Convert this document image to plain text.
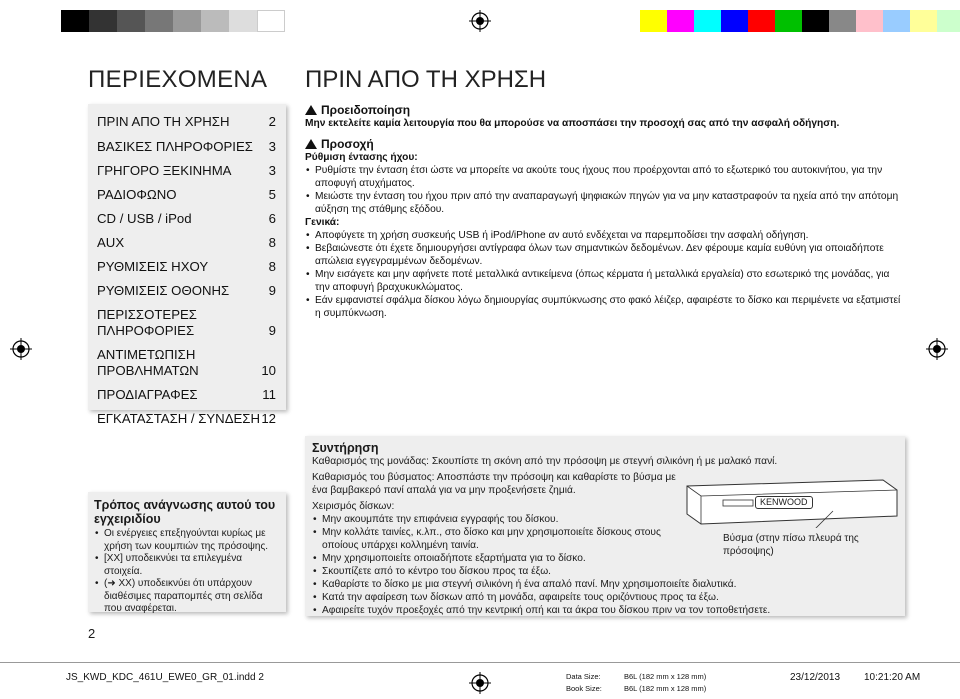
ΠΕΡΙΕΧΟΜΕΝΑ
ΠΡΙΝ ΑΠΟ ΤΗ ΧΡΗΣΗ	2
ΒΑΣΙΚΕΣ ΠΛΗΡΟΦΟΡΙΕΣ 3
ΓΡΗΓΟΡΟ ΞΕΚΙΝΗΜΑ	3
ΡΑΔΙΟΦΩΝΟ	5
CD / USB / iPod	6
AUX	8
ΡΥΘΜΙΣΕΙΣ ΗΧΟΥ	8
ΡΥΘΜΙΣΕΙΣ ΟΘΟΝΗΣ	9
ΠΕΡΙΣΣΟΤΕΡΕΣ ΠΛΗΡΟΦΟΡΙΕΣ	9
ΑΝΤΙΜΕΤΩΠΙΣΗ ΠΡΟΒΛΗΜΑΤΩΝ	10
ΠΡΟΔΙΑΓΡΑΦΕΣ	11
ΕΓΚΑΤΑΣΤΑΣΗ / ΣΥΝΔΕΣΗ 12
ΠΡΙΝ ΑΠΟ ΤΗ ΧΡΗΣΗ
Προειδοποίηση
Μην εκτελείτε καμία λειτουργία που θα μπορούσε να αποσπάσει την προσοχή σας από την ασφαλή οδήγηση.
Προσοχή
Ρύθμιση έντασης ήχου:
• Ρυθμίστε την ένταση έτσι ώστε να μπορείτε να ακούτε τους ήχους που προέρχονται από το εξωτερικό του αυτοκινήτου, για την αποφυγή ατυχήματος.
• Μειώστε την ένταση του ήχου πριν από την αναπαραγωγή ψηφιακών πηγών για να μην καταστραφούν τα ηχεία από την απότομη αύξηση της στάθμης εξόδου.
Γενικά:
• Αποφύγετε τη χρήση συσκευής USB ή iPod/iPhone αν αυτό ενδέχεται να παρεμποδίσει την ασφαλή οδήγηση.
• Βεβαιώνεστε ότι έχετε δημιουργήσει αντίγραφα όλων των σημαντικών δεδομένων. Δεν φέρουμε καμία ευθύνη για οποιαδήποτε απώλεια εγγεγραμμένων δεδομένων.
• Μην εισάγετε και μην αφήνετε ποτέ μεταλλικά αντικείμενα (όπως κέρματα ή μεταλλικά εργαλεία) στο εσωτερικό της μονάδας, για την αποφυγή βραχυκυκλώματος.
• Εάν εμφανιστεί σφάλμα δίσκου λόγω δημιουργίας συμπύκνωσης στο φακό λέιζερ, αφαιρέστε το δίσκο και περιμένετε να εξατμιστεί η συμπύκνωση.
Τρόπος ανάγνωσης αυτού του εγχειριδίου
• Οι ενέργειες επεξηγούνται κυρίως με χρήση των κουμπιών της πρόσοψης.
• [XX] υποδεικνύει τα επιλεγμένα στοιχεία.
• (➜ XX) υποδεικνύει ότι υπάρχουν διαθέσιμες παραπομπές στη σελίδα που αναφέρεται.
Συντήρηση
Καθαρισμός της μονάδας: Σκουπίστε τη σκόνη από την πρόσοψη με στεγνή σιλικόνη ή με μαλακό πανί.
Καθαρισμός του βύσματος: Αποσπάστε την πρόσοψη και καθαρίστε το βύσμα με ένα βαμβακερό πανί απαλά για να μην προξενήσετε ζημιά.
Χειρισμός δίσκων:
• Μην ακουμπάτε την επιφάνεια εγγραφής του δίσκου.
• Μην κολλάτε ταινίες, κ.λπ., στο δίσκο και μην χρησιμοποιείτε δίσκους στους οποίους υπάρχει κολλημένη ταινία.
• Μην χρησιμοποιείτε οποιαδήποτε εξαρτήματα για το δίσκο.
• Σκουπίζετε από το κέντρο του δίσκου προς τα έξω.
• Καθαρίστε το δίσκο με μια στεγνή σιλικόνη ή ένα απαλό πανί. Μην χρησιμοποιείτε διαλυτικά.
• Κατά την αφαίρεση των δίσκων από τη μονάδα, αφαιρείτε τους οριζόντιους προς τα έξω.
• Αφαιρείτε τυχόν προεξοχές από την κεντρική οπή και τα άκρα του δίσκου πριν να τον τοποθετήσετε.
KENWOOD
Βύσμα (στην πίσω πλευρά της πρόσοψης)
2
JS_KWD_KDC_461U_EWE0_GR_01.indd 2	Data Size:
Book Size:
B6L (182 mm x 128 mm)
B6L (182 mm x 128 mm)
23/12/2013 10:21:20 AM
